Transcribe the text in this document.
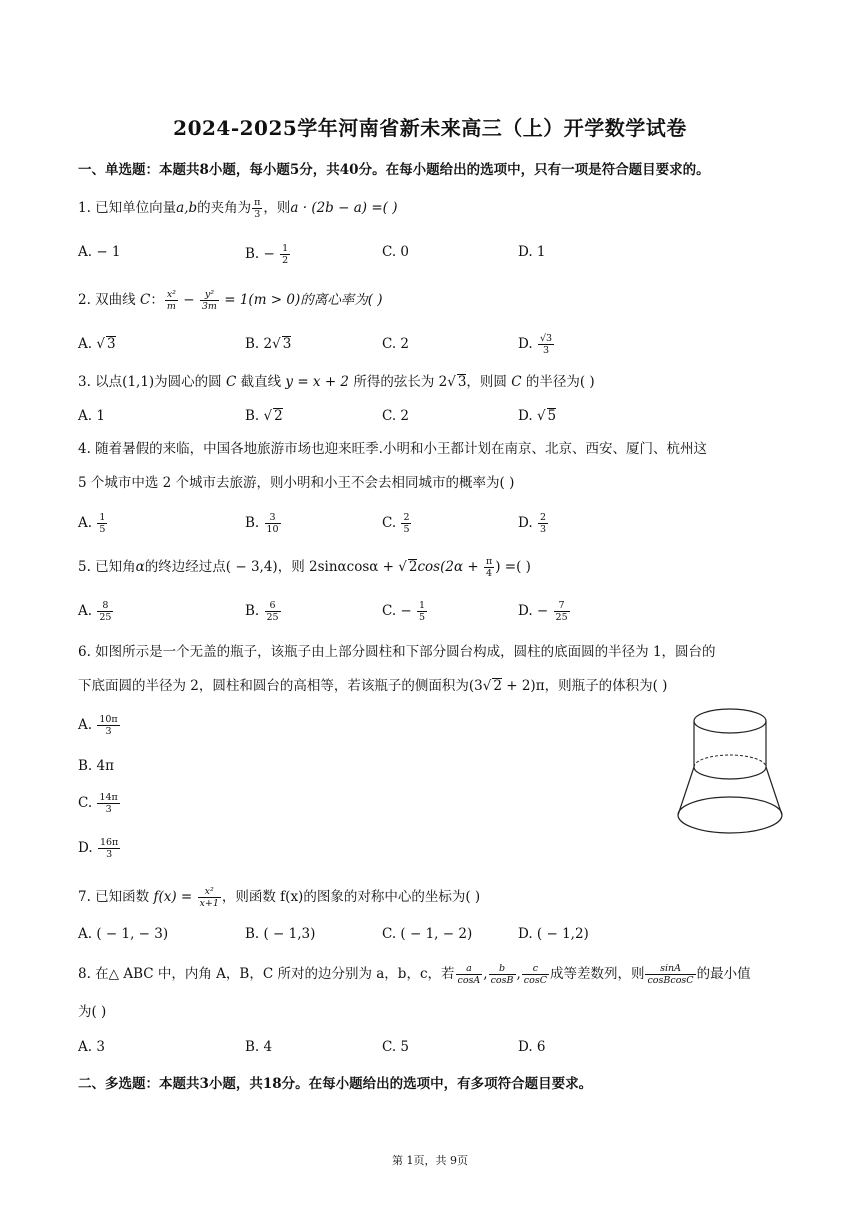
2024-2025学年河南省新未来高三（上）开学数学试卷
一、单选题：本题共8小题，每小题5分，共40分。在每小题给出的选项中，只有一项是符合题目要求的。
1. 已知单位向量a,b的夹角为 $\frac{\pi}{3}$ ，则a · (2b − a) =( )
A. − 1	B. − $\frac{1}{2}$	C. 0	D. 1
2. 双曲线 C： $\frac{\text{x²}}{m} - \frac{\text{y²}}{3m} = 1(m > 0)$的离心率为( )
A. √ 3	B. 2√ 3	C. 2	D. $\frac{√3}{3}$
3. 以点(1,1)为圆心的圆 C 截直线 y = x + 2 所得的弦长为 2√ 3，则圆 C 的半径为( )
A. 1	B. √ 2	C. 2	D. √ 5
4. 随着暑假的来临，中国各地旅游市场也迎来旺季.小明和小王都计划在南京、北京、西安、厦门、杭州这
5 个城市中选 2 个城市去旅游，则小明和小王不会去相同城市的概率为( )
A. $\frac{1}{5}$	B. $\frac{3}{10}$	C. $\frac{2}{5}$	D. $\frac{2}{3}$
5. 已知角α的终边经过点( − 3,4)，则 2sinαcosα + √ $2\cos(2\alpha + \frac{\pi}{4}$ ) =( )
A. $\frac{8}{25}$	B. $\frac{6}{25}$	C. − $\frac{1}{5}$	D. − $\frac{7}{25}$
6. 如图所示是一个无盖的瓶子，该瓶子由上部分圆柱和下部分圆台构成，圆柱的底面圆的半径为 1，圆台的
下底面圆的半径为 2，圆柱和圆台的高相等，若该瓶子的侧面积为(3√ 2 + 2)π，则瓶子的体积为( )
A. $\frac{10\pi}{3}$
B. 4π
C. $\frac{14\pi}{3}$
D. $\frac{16\pi}{3}$
7. 已知函数 $f(x) = \frac{\text{x²}}{x+1}$ ，则函数 f(x)的图象的对称中心的坐标为( )
A. ( − 1, − 3)	B. ( − 1,3)	C. ( − 1, − 2)	D. ( − 1,2)
8. 在△ ABC 中，内角 A，B，C 所对的边分别为 a，b，c，若 $\frac{a}{\cos A}$ , $\frac{b}{\cos B}$ , $\frac{c}{\cos C}$ 成等差数列，则 $\frac{\sin A}{\text{cosBcosC}}$ 的最小值
为( )
A. 3	B. 4	C. 5	D. 6
二、多选题：本题共3小题，共18分。在每小题给出的选项中，有多项符合题目要求。
第 1页，共 9页
